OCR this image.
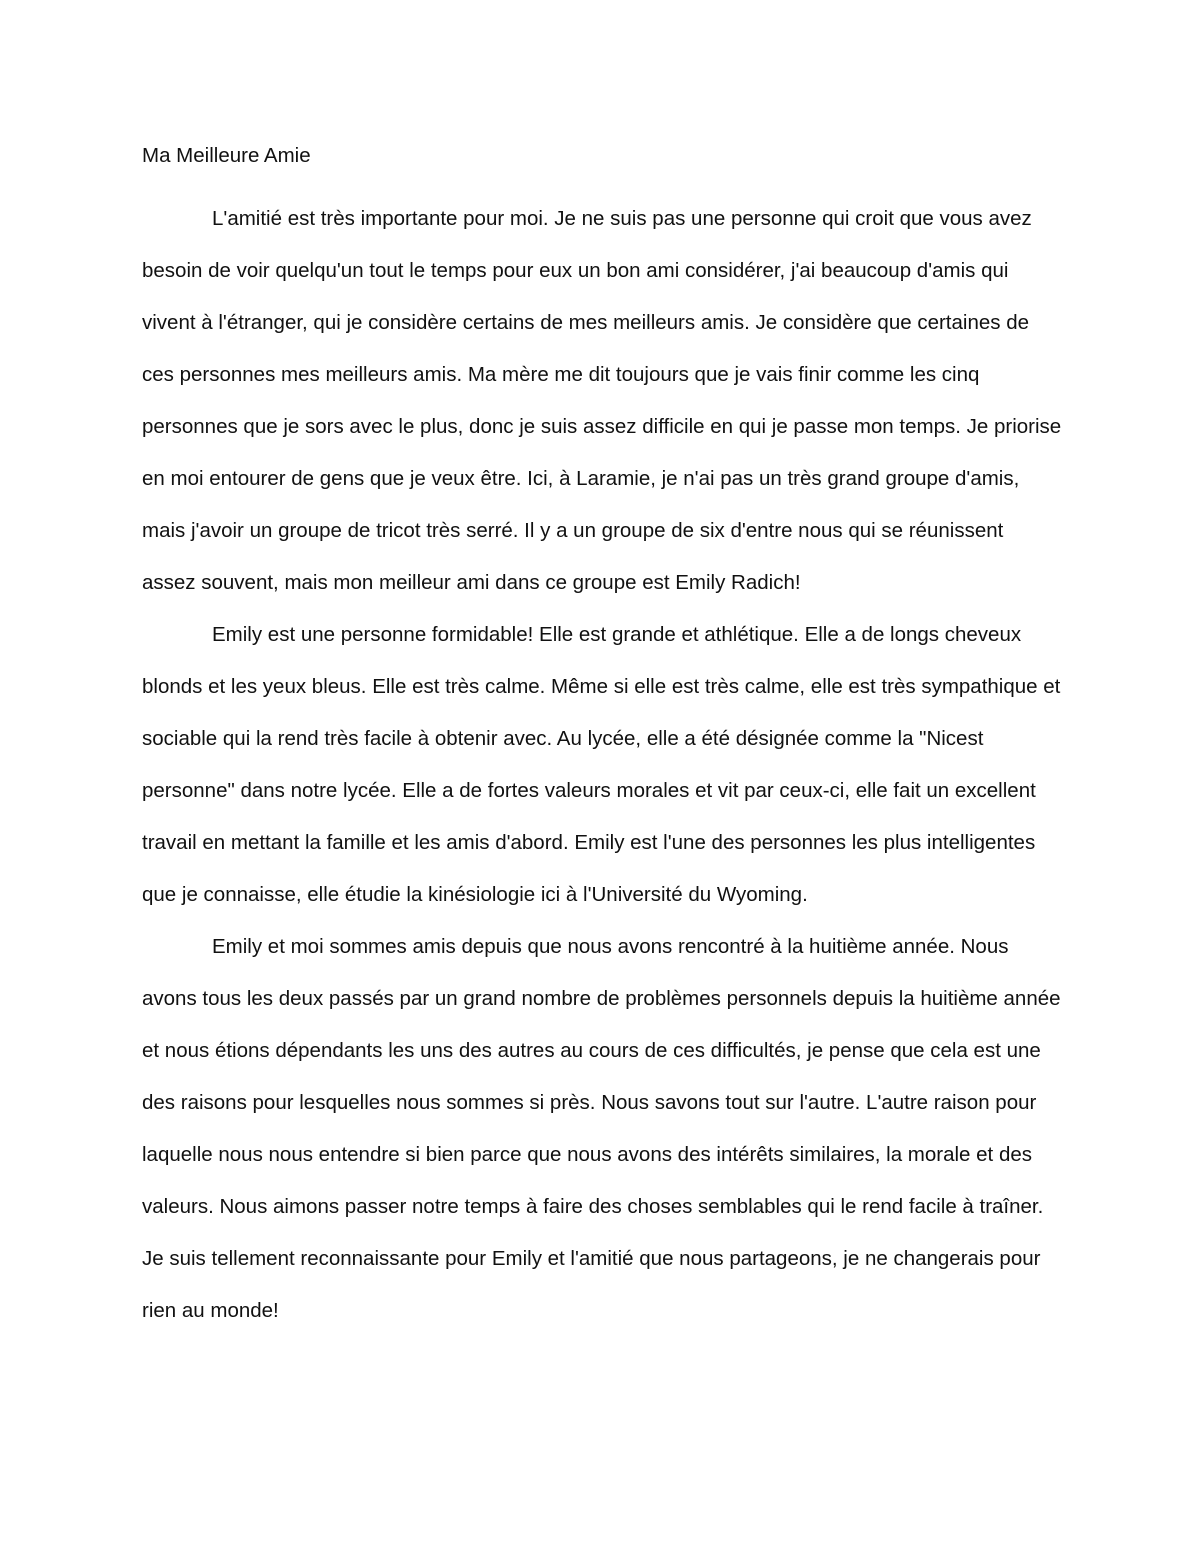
Ma Meilleure Amie

L'amitié est très importante pour moi. Je ne suis pas une personne qui croit que vous avez besoin de voir quelqu'un tout le temps pour eux un bon ami considérer, j'ai beaucoup d'amis qui vivent à l'étranger, qui je considère certains de mes meilleurs amis. Je considère que certaines de ces personnes mes meilleurs amis. Ma mère me dit toujours que je vais finir comme les cinq personnes que je sors avec le plus, donc je suis assez difficile en qui je passe mon temps. Je priorise en moi entourer de gens que je veux être. Ici, à Laramie, je n'ai pas un très grand groupe d'amis, mais j'avoir un groupe de tricot très serré. Il y a un groupe de six d'entre nous qui se réunissent assez souvent, mais mon meilleur ami dans ce groupe est Emily Radich!

Emily est une personne formidable! Elle est grande et athlétique. Elle a de longs cheveux blonds et les yeux bleus. Elle est très calme. Même si elle est très calme, elle est très sympathique et sociable qui la rend très facile à obtenir avec. Au lycée, elle a été désignée comme la "Nicest personne" dans notre lycée. Elle a de fortes valeurs morales et vit par ceux-ci, elle fait un excellent travail en mettant la famille et les amis d'abord. Emily est l'une des personnes les plus intelligentes que je connaisse, elle étudie la kinésiologie ici à l'Université du Wyoming.

Emily et moi sommes amis depuis que nous avons rencontré à la huitième année. Nous avons tous les deux passés par un grand nombre de problèmes personnels depuis la huitième année et nous étions dépendants les uns des autres au cours de ces difficultés, je pense que cela est une des raisons pour lesquelles nous sommes si près. Nous savons tout sur l'autre. L'autre raison pour laquelle nous nous entendre si bien parce que nous avons des intérêts similaires, la morale et des valeurs. Nous aimons passer notre temps à faire des choses semblables qui le rend facile à traîner. Je suis tellement reconnaissante pour Emily et l'amitié que nous partageons, je ne changerais pour rien au monde!
